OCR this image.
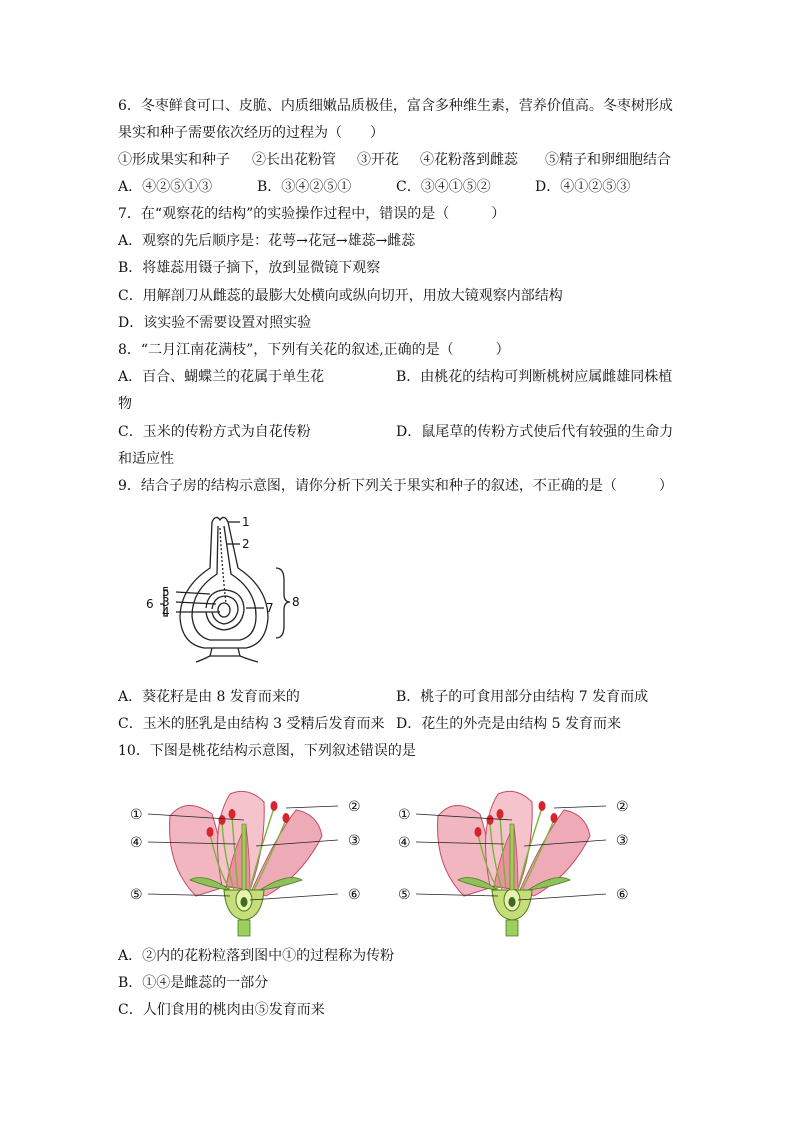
6．冬枣鲜食可口、皮脆、内质细嫩品质极佳，富含多种维生素，营养价值高。冬枣树形成
果实和种子需要依次经历的过程为（　　）
①形成果实和种子 ②长出花粉管 ③开花 ④花粉落到雌蕊 ⑤精子和卵细胞结合
A．④②⑤①③	B．③④②⑤①	C．③④①⑤②	D．④①②⑤③
7．在“观察花的结构”的实验操作过程中，错误的是（　　　）
A．观察的先后顺序是：花萼→花冠→雄蕊→雌蕊
B．将雄蕊用镊子摘下，放到显微镜下观察
C．用解剖刀从雌蕊的最膨大处横向或纵向切开，用放大镜观察内部结构
D．该实验不需要设置对照实验
8．“二月江南花满枝”，下列有关花的叙述,正确的是（　　　）
A．百合、蝴蝶兰的花属于单生花	B．由桃花的结构可判断桃树应属雌雄同株植
物
C．玉米的传粉方式为自花传粉	D．鼠尾草的传粉方式使后代有较强的生命力
和适应性
9．结合子房的结构示意图，请你分析下列关于果实和种子的叙述，不正确的是（　　　）
1
2
5
3
4
6	7 8
A．葵花籽是由 8 发育而来的	B．桃子的可食用部分由结构 7 发育而成
C．玉米的胚乳是由结构 3 受精后发育而来 D．花生的外壳是由结构 5 发育而来
10．下图是桃花结构示意图，下列叙述错误的是
①	②
④	③
⑤	⑥
①	②
④	③
⑤	⑥
A．②内的花粉粒落到图中①的过程称为传粉
B．①④是雌蕊的一部分
C．人们食用的桃肉由⑤发育而来
